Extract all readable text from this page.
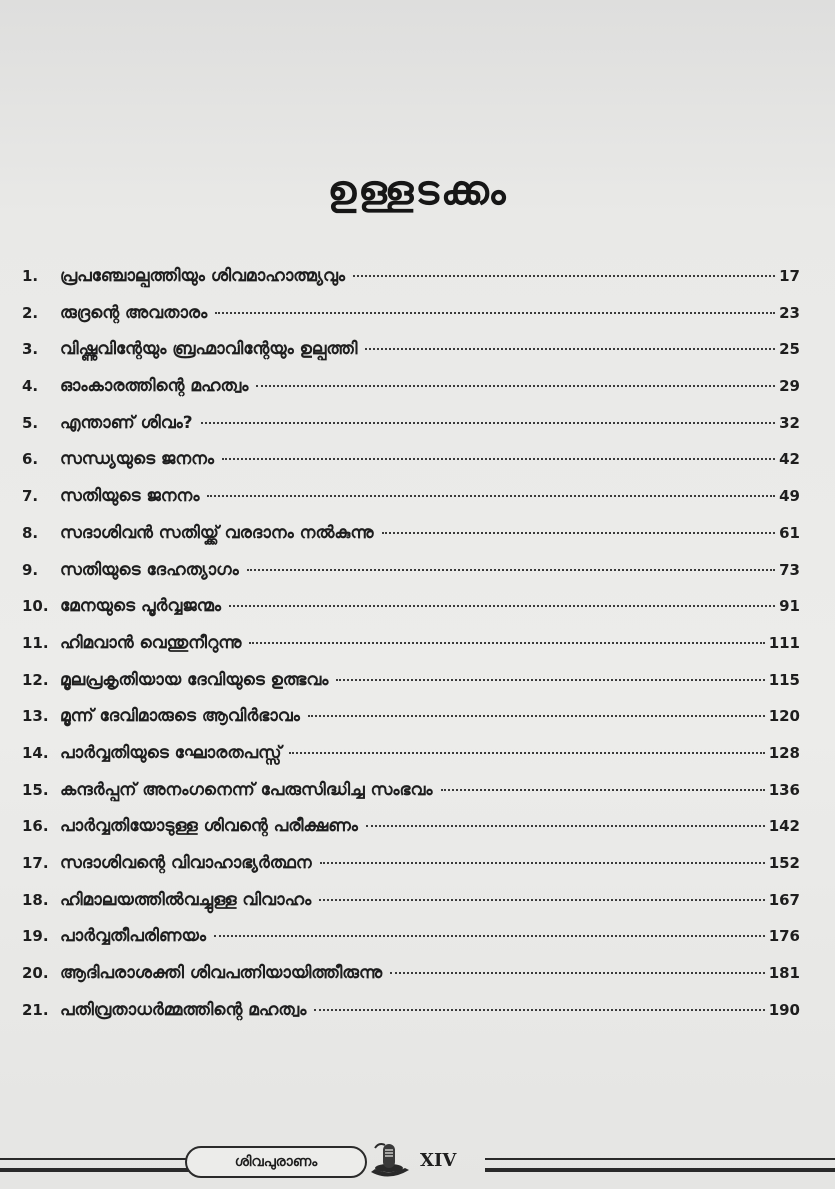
ഉള്ളടക്കം
1.	പ്രപഞ്ചോല്പത്തിയും ശിവമാഹാത്മ്യവും	17
2.	രുദ്രന്റെ അവതാരം	23
3.	വിഷ്ണുവിന്റേയും ബ്രഹ്മാവിന്റേയും ഉല്പത്തി	25
4.	ഓംകാരത്തിന്റെ മഹത്വം	29
5.	എന്താണ് ശിവം?	32
6.	സന്ധ്യയുടെ ജനനം	42
7.	സതിയുടെ ജനനം	49
8.	സദാശിവൻ സതിയ്ക്ക് വരദാനം നൽകുന്നു	61
9.	സതിയുടെ ദേഹത്യാഗം	73
10. മേനയുടെ പൂർവ്വജന്മം	91
11. ഹിമവാൻ വെന്തുനീറുന്നു	111
12. മൂലപ്രകൃതിയായ ദേവിയുടെ ഉത്ഭവം	115
13. മൂന്ന് ദേവിമാരുടെ ആവിർഭാവം	120
14. പാർവ്വതിയുടെ ഘോരതപസ്സ്	128
15. കന്ദർപ്പന് അനംഗനെന്ന് പേരുസിദ്ധിച്ച സംഭവം	136
16. പാർവ്വതിയോടുള്ള ശിവന്റെ പരീക്ഷണം	142
17. സദാശിവന്റെ വിവാഹാഭ്യർത്ഥന	152
18. ഹിമാലയത്തിൽവച്ചുള്ള വിവാഹം	167
19. പാർവ്വതീപരിണയം	176
20. ആദിപരാശക്തി ശിവപത്നിയായിത്തീരുന്നു	181
21. പതിവ്രതാധർമ്മത്തിന്റെ മഹത്വം	190
ശിവപുരാണം	XIV
